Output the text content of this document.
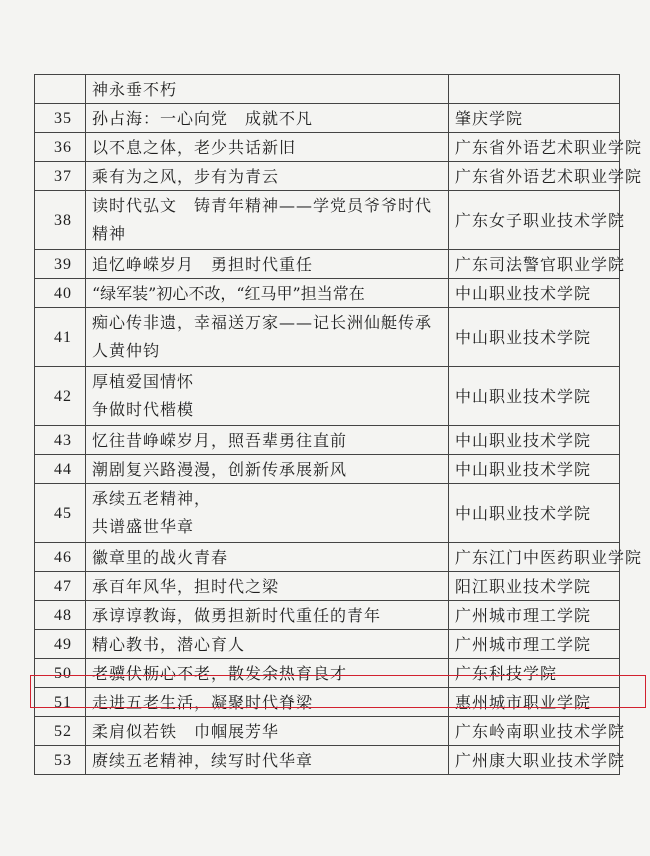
	神永垂不朽	
35	孙占海：一心向党　成就不凡	肇庆学院
36	以不息之体，老少共话新旧	广东省外语艺术职业学院
37	乘有为之风，步有为青云	广东省外语艺术职业学院
38	读时代弘文　铸青年精神——学党员爷爷时代精神	广东女子职业技术学院
39	追忆峥嵘岁月　勇担时代重任	广东司法警官职业学院
40	“绿军装”初心不改，“红马甲”担当常在	中山职业技术学院
41	痴心传非遗，幸福送万家——记长洲仙艇传承人黄仲钧	中山职业技术学院
42	厚植爱国情怀
争做时代楷模	中山职业技术学院
43	忆往昔峥嵘岁月，照吾辈勇往直前	中山职业技术学院
44	潮剧复兴路漫漫，创新传承展新风	中山职业技术学院
45	承续五老精神，
共谱盛世华章	中山职业技术学院
46	徽章里的战火青春	广东江门中医药职业学院
47	承百年风华，担时代之梁	阳江职业技术学院
48	承谆谆教诲，做勇担新时代重任的青年	广州城市理工学院
49	精心教书，潜心育人	广州城市理工学院
50	老骥伏枥心不老，散发余热育良才	广东科技学院
51	走进五老生活，凝聚时代脊梁	惠州城市职业学院
52	柔肩似若铁　巾帼展芳华	广东岭南职业技术学院
53	赓续五老精神，续写时代华章	广州康大职业技术学院
